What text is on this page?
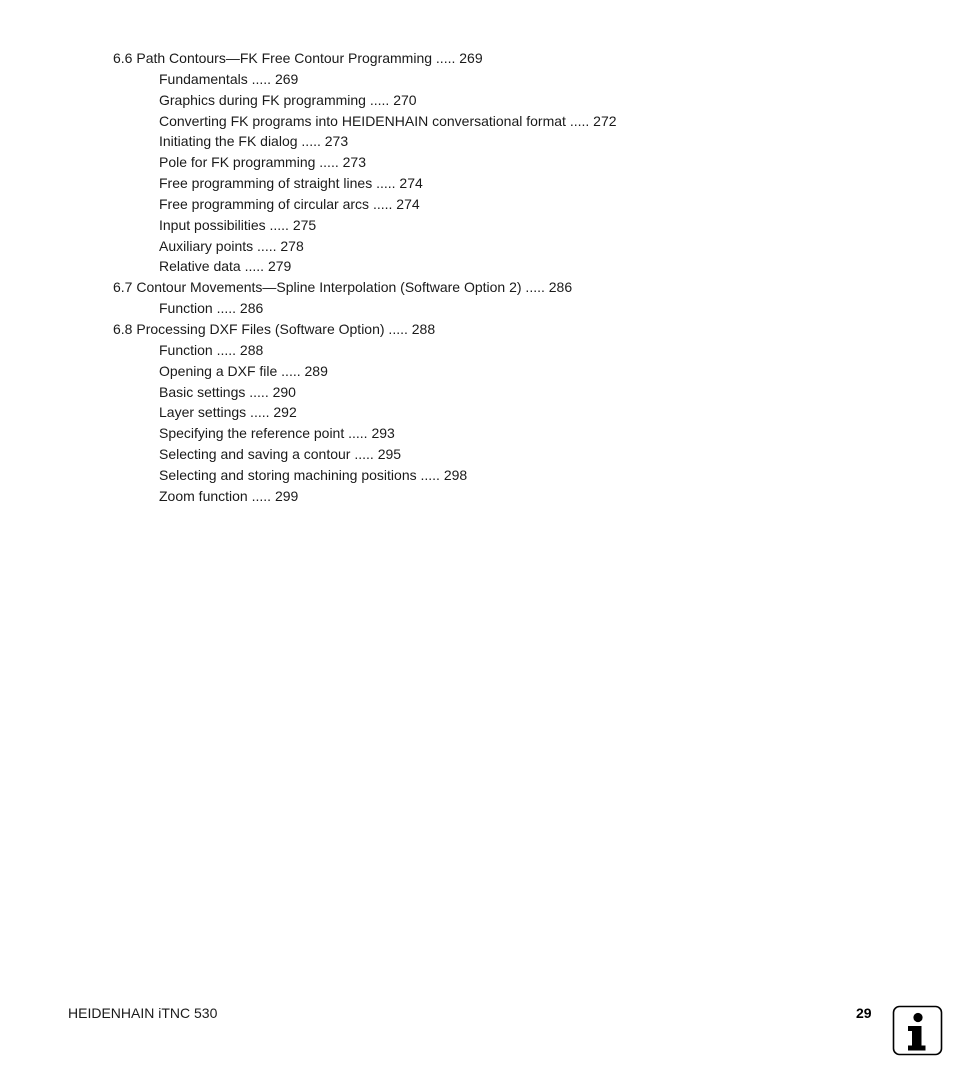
6.6 Path Contours—FK Free Contour Programming ..... 269
Fundamentals ..... 269
Graphics during FK programming ..... 270
Converting FK programs into HEIDENHAIN conversational format ..... 272
Initiating the FK dialog ..... 273
Pole for FK programming ..... 273
Free programming of straight lines ..... 274
Free programming of circular arcs ..... 274
Input possibilities ..... 275
Auxiliary points ..... 278
Relative data ..... 279
6.7 Contour Movements—Spline Interpolation (Software Option 2) ..... 286
Function ..... 286
6.8 Processing DXF Files (Software Option) ..... 288
Function ..... 288
Opening a DXF file ..... 289
Basic settings ..... 290
Layer settings ..... 292
Specifying the reference point ..... 293
Selecting and saving a contour ..... 295
Selecting and storing machining positions ..... 298
Zoom function ..... 299
HEIDENHAIN iTNC 530	29
